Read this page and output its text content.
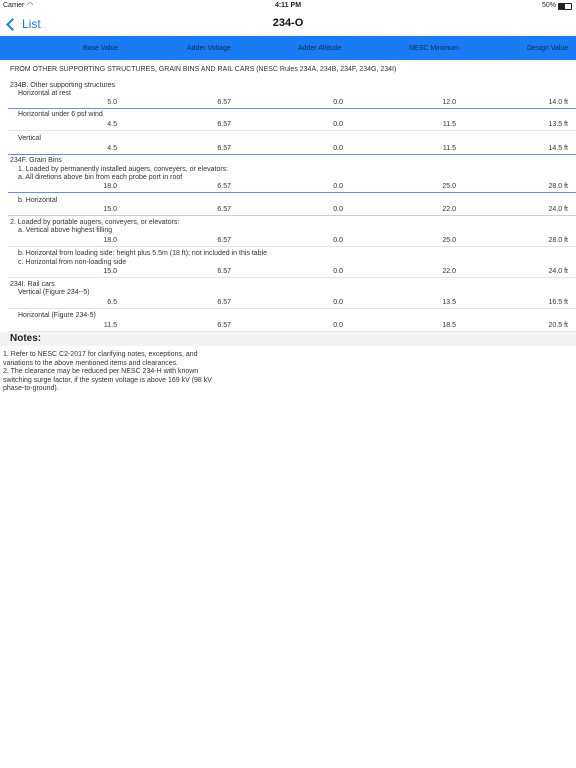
Carrier ◠	4:11 PM	50%
List	234-O
Base Value	Adder Voltage	Adder Altitude	NESC Minimum	Design Value
FROM OTHER SUPPORTING STRUCTURES, GRAIN BINS AND RAIL CARS (NESC Rules 234A, 234B, 234F, 234G, 234I)
234B. Other supporting structures
Horizontal at rest
5.0	6.57	0.0	12.0	14.0 ft
Horizontal under 6 psf wind
4.5	6.57	0.0	11.5	13.5 ft
Vertical
4.5	6.57	0.0	11.5	14.5 ft
234F. Grain Bins
1. Loaded by permanently installed augers, conveyers, or elevators:
a. All diretions above bin from each probe port in roof
18.0	6.57	0.0	25.0	28.0 ft
b. Horizontal
15.0	6.57	0.0	22.0	24.0 ft
2. Loaded by portable augers, conveyers, or elevators:
a. Vertical above highest filling
18.0	6.57	0.0	25.0	28.0 ft
b. Horizontal from loading side: height plus 5.5m (18 ft); not included in this table
c. Horizontal from non-loading side
15.0	6.57	0.0	22.0	24.0 ft
234I. Rail cars
Vertical (Figure 234--5)
6.5	6.57	0.0	13.5	16.5 ft
Horizontal (Figure 234-5)
11.5	6.57	0.0	18.5	20.5 ft
Notes:
1. Refer to NESC C2-2017 for clarifying notes, exceptions, and variations to the above mentioned items and clearances.
2. The clearance may be reduced per NESC 234-H with known switching surge factor, if the system voltage is above 169 kV (98 kV phase-to-ground).
